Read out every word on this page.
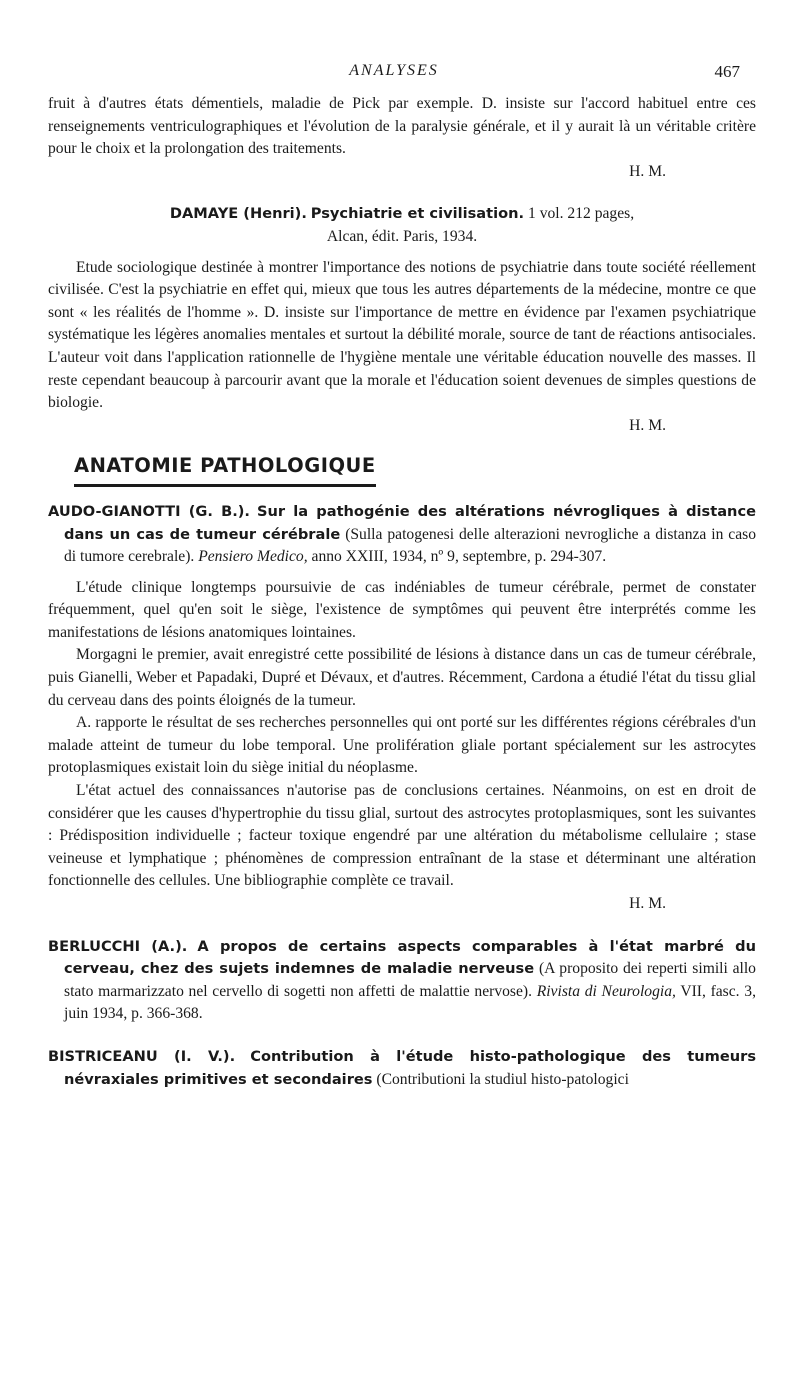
ANALYSES	467

fruit à d'autres états démentiels, maladie de Pick par exemple. D. insiste sur l'accord habituel entre ces renseignements ventriculographiques et l'évolution de la paralysie générale, et il y aurait là un véritable critère pour le choix et la prolongation des traitements.

H. M.

DAMAYE (Henri). Psychiatrie et civilisation. 1 vol. 212 pages,
Alcan, édit. Paris, 1934.

Etude sociologique destinée à montrer l'importance des notions de psychiatrie dans toute société réellement civilisée. C'est la psychiatrie en effet qui, mieux que tous les autres départements de la médecine, montre ce que sont « les réalités de l'homme ». D. insiste sur l'importance de mettre en évidence par l'examen psychiatrique systématique les légères anomalies mentales et surtout la débilité morale, source de tant de réactions antisociales. L'auteur voit dans l'application rationnelle de l'hygiène mentale une véritable éducation nouvelle des masses. Il reste cependant beaucoup à parcourir avant que la morale et l'éducation soient devenues de simples questions de biologie.

H. M.

ANATOMIE PATHOLOGIQUE

AUDO-GIANOTTI (G. B.). Sur la pathogénie des altérations névrogliques à distance dans un cas de tumeur cérébrale (Sulla patogenesi delle alterazioni nevrogliche a distanza in caso di tumore cerebrale). Pensiero Medico, anno XXIII, 1934, nº 9, septembre, p. 294-307.

L'étude clinique longtemps poursuivie de cas indéniables de tumeur cérébrale, permet de constater fréquemment, quel qu'en soit le siège, l'existence de symptômes qui peuvent être interprétés comme les manifestations de lésions anatomiques lointaines.

Morgagni le premier, avait enregistré cette possibilité de lésions à distance dans un cas de tumeur cérébrale, puis Gianelli, Weber et Papadaki, Dupré et Dévaux, et d'autres. Récemment, Cardona a étudié l'état du tissu glial du cerveau dans des points éloignés de la tumeur.

A. rapporte le résultat de ses recherches personnelles qui ont porté sur les différentes régions cérébrales d'un malade atteint de tumeur du lobe temporal. Une prolifération gliale portant spécialement sur les astrocytes protoplasmiques existait loin du siège initial du néoplasme.

L'état actuel des connaissances n'autorise pas de conclusions certaines. Néanmoins, on est en droit de considérer que les causes d'hypertrophie du tissu glial, surtout des astrocytes protoplasmiques, sont les suivantes : Prédisposition individuelle ; facteur toxique engendré par une altération du métabolisme cellulaire ; stase veineuse et lymphatique ; phénomènes de compression entraînant de la stase et déterminant une altération fonctionnelle des cellules. Une bibliographie complète ce travail.

H. M.

BERLUCCHI (A.). A propos de certains aspects comparables à l'état marbré du cerveau, chez des sujets indemnes de maladie nerveuse (A proposito dei reperti simili allo stato marmarizzato nel cervello di sogetti non affetti de malattie nervose). Rivista di Neurologia, VII, fasc. 3, juin 1934, p. 366-368.

BISTRICEANU (I. V.). Contribution à l'étude histo-pathologique des tumeurs névraxiales primitives et secondaires (Contributioni la studiul histo-patologici
